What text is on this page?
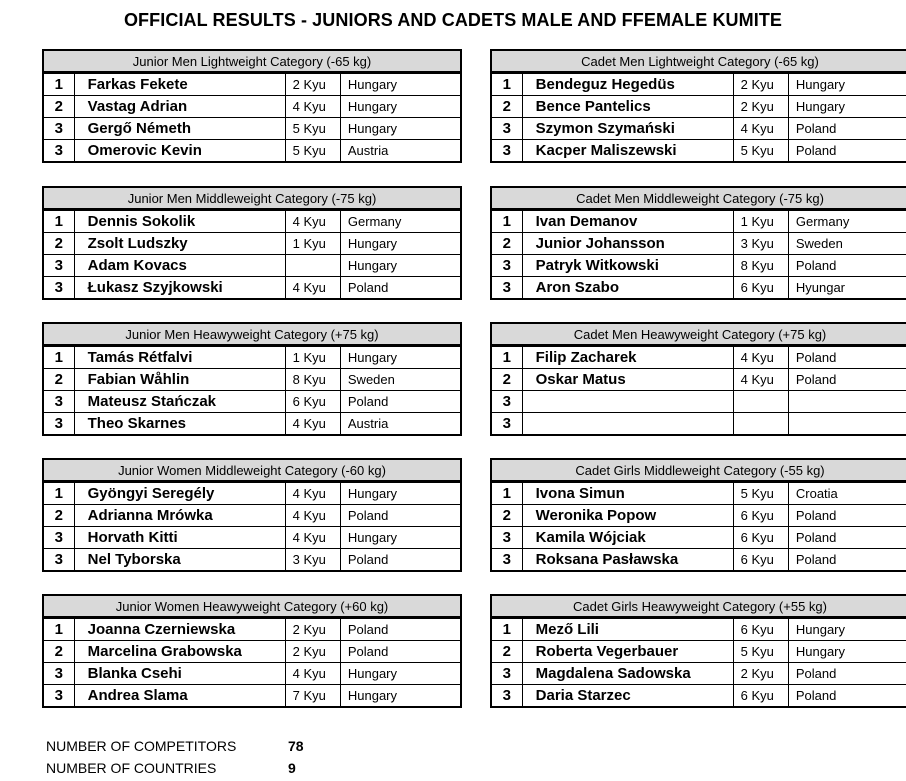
OFFICIAL RESULTS - JUNIORS AND CADETS MALE AND FFEMALE KUMITE
Junior Men Lightweight Category (-65 kg)			
1	Farkas Fekete	2 Kyu	Hungary
2	Vastag Adrian	4 Kyu	Hungary
3	Gergő Németh	5 Kyu	Hungary
3	Omerovic Kevin	5 Kyu	Austria
Cadet Men Lightweight Category (-65 kg)			
1	Bendeguz Hegedüs	2 Kyu	Hungary
2	Bence Pantelics	2 Kyu	Hungary
3	Szymon Szymański	4 Kyu	Poland
3	Kacper Maliszewski	5 Kyu	Poland
Junior Men Middleweight Category (-75 kg)			
1	Dennis Sokolik	4 Kyu	Germany
2	Zsolt Ludszky	1 Kyu	Hungary
3	Adam Kovacs		Hungary
3	Łukasz Szyjkowski	4 Kyu	Poland
Cadet Men Middleweight Category (-75 kg)			
1	Ivan Demanov	1 Kyu	Germany
2	Junior Johansson	3 Kyu	Sweden
3	Patryk Witkowski	8 Kyu	Poland
3	Aron Szabo	6 Kyu	Hyungar
Junior Men Heawyweight Category (+75 kg)			
1	Tamás Rétfalvi	1 Kyu	Hungary
2	Fabian Wåhlin	8 Kyu	Sweden
3	Mateusz Stańczak	6 Kyu	Poland
3	Theo Skarnes	4 Kyu	Austria
Cadet Men Heawyweight Category (+75 kg)			
1	Filip Zacharek	4 Kyu	Poland
2	Oskar Matus	4 Kyu	Poland
3			
3			
Junior Women Middleweight Category (-60 kg)			
1	Gyöngyi Seregély	4 Kyu	Hungary
2	Adrianna Mrówka	4 Kyu	Poland
3	Horvath Kitti	4 Kyu	Hungary
3	Nel Tyborska	3 Kyu	Poland
Cadet Girls Middleweight Category (-55 kg)			
1	Ivona Simun	5 Kyu	Croatia
2	Weronika Popow	6 Kyu	Poland
3	Kamila Wójciak	6 Kyu	Poland
3	Roksana Pasławska	6 Kyu	Poland
Junior Women Heawyweight Category (+60 kg)			
1	Joanna Czerniewska	2 Kyu	Poland
2	Marcelina Grabowska	2 Kyu	Poland
3	Blanka Csehi	4 Kyu	Hungary
3	Andrea Slama	7 Kyu	Hungary
Cadet Girls Heawyweight Category (+55 kg)			
1	Mező Lili	6 Kyu	Hungary
2	Roberta Vegerbauer	5 Kyu	Hungary
3	Magdalena Sadowska	2 Kyu	Poland
3	Daria Starzec	6 Kyu	Poland
NUMBER OF COMPETITORS	78
NUMBER OF COUNTRIES	9
